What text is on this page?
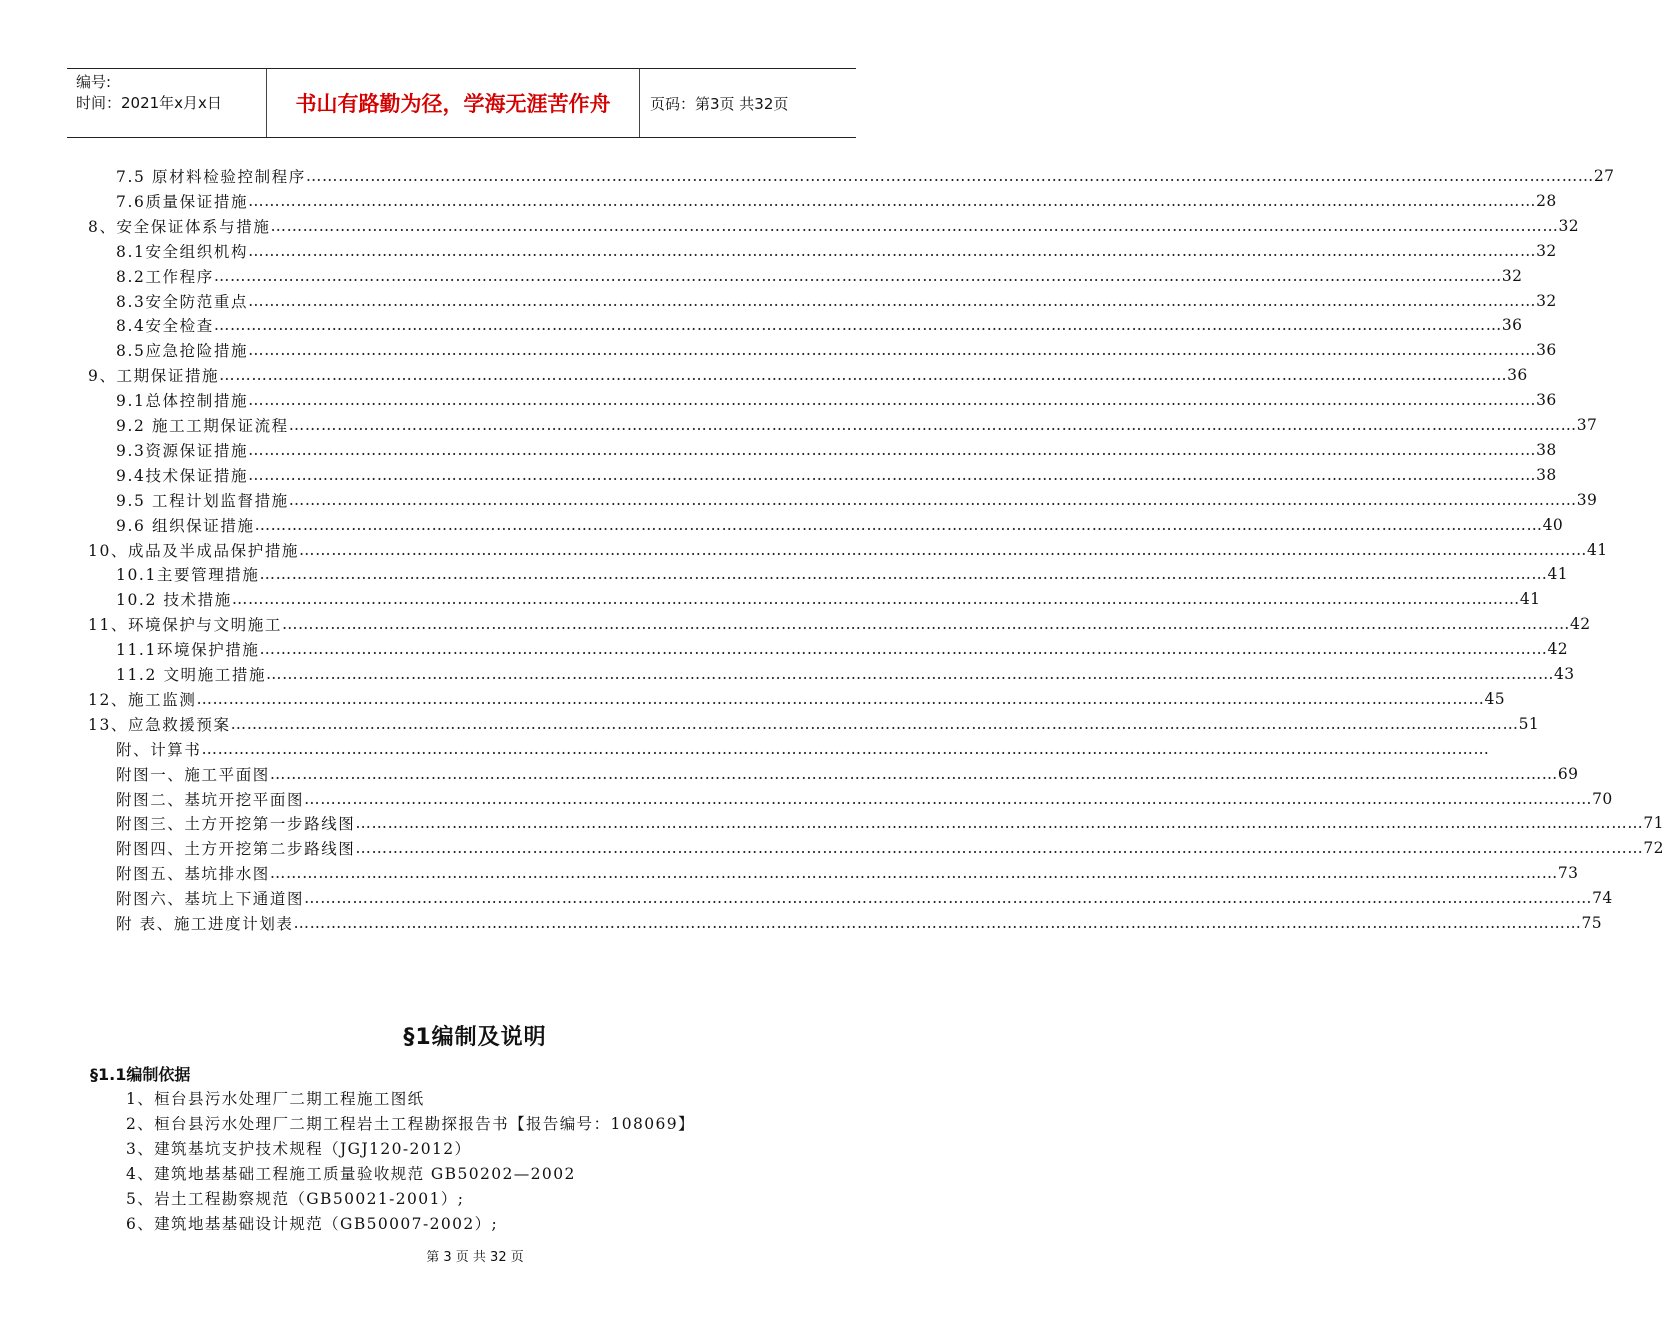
编号:
时间：2021年x月x日	书山有路勤为径，学海无涯苦作舟	页码：第3页 共32页
7.5 原材料检验控制程序 …………………………………………………………………………………………………………………………………………………………………………………………………………………… 27
7.6质量保证措施 …………………………………………………………………………………………………………………………………………………………………………………………………………………… 28
8、安全保证体系与措施 …………………………………………………………………………………………………………………………………………………………………………………………………………………… 32
8.1安全组织机构 …………………………………………………………………………………………………………………………………………………………………………………………………………………… 32
8.2工作程序 …………………………………………………………………………………………………………………………………………………………………………………………………………………… 32
8.3安全防范重点 …………………………………………………………………………………………………………………………………………………………………………………………………………………… 32
8.4安全检查 …………………………………………………………………………………………………………………………………………………………………………………………………………………… 36
8.5应急抢险措施 …………………………………………………………………………………………………………………………………………………………………………………………………………………… 36
9、工期保证措施 …………………………………………………………………………………………………………………………………………………………………………………………………………………… 36
9.1总体控制措施 …………………………………………………………………………………………………………………………………………………………………………………………………………………… 36
9.2 施工工期保证流程 …………………………………………………………………………………………………………………………………………………………………………………………………………………… 37
9.3资源保证措施 …………………………………………………………………………………………………………………………………………………………………………………………………………………… 38
9.4技术保证措施 …………………………………………………………………………………………………………………………………………………………………………………………………………………… 38
9.5 工程计划监督措施 …………………………………………………………………………………………………………………………………………………………………………………………………………………… 39
9.6 组织保证措施 …………………………………………………………………………………………………………………………………………………………………………………………………………………… 40
10、成品及半成品保护措施 …………………………………………………………………………………………………………………………………………………………………………………………………………………… 41
10.1主要管理措施 …………………………………………………………………………………………………………………………………………………………………………………………………………………… 41
10.2 技术措施 …………………………………………………………………………………………………………………………………………………………………………………………………………………… 41
11、环境保护与文明施工 …………………………………………………………………………………………………………………………………………………………………………………………………………………… 42
11.1环境保护措施 …………………………………………………………………………………………………………………………………………………………………………………………………………………… 42
11.2 文明施工措施 …………………………………………………………………………………………………………………………………………………………………………………………………………………… 43
12、施工监测 …………………………………………………………………………………………………………………………………………………………………………………………………………………… 45
13、应急救援预案 …………………………………………………………………………………………………………………………………………………………………………………………………………………… 51
附、计算书 ……………………………………………………………………………………………………………………………………………………………………………………………………………………
附图一、施工平面图 …………………………………………………………………………………………………………………………………………………………………………………………………………………… 69
附图二、基坑开挖平面图 …………………………………………………………………………………………………………………………………………………………………………………………………………………… 70
附图三、土方开挖第一步路线图 …………………………………………………………………………………………………………………………………………………………………………………………………………………… 71
附图四、土方开挖第二步路线图 …………………………………………………………………………………………………………………………………………………………………………………………………………………… 72
附图五、基坑排水图 …………………………………………………………………………………………………………………………………………………………………………………………………………………… 73
附图六、基坑上下通道图 …………………………………………………………………………………………………………………………………………………………………………………………………………………… 74
附 表、施工进度计划表 …………………………………………………………………………………………………………………………………………………………………………………………………………………… 75
§1编制及说明
§1.1编制依据
1、桓台县污水处理厂二期工程施工图纸
2、桓台县污水处理厂二期工程岩土工程勘探报告书【报告编号：108069】
3、建筑基坑支护技术规程（JGJ120-2012）
4、建筑地基基础工程施工质量验收规范 GB50202—2002
5、岩土工程勘察规范（GB50021-2001）;
6、建筑地基基础设计规范（GB50007-2002）;
第 3 页 共 32 页
